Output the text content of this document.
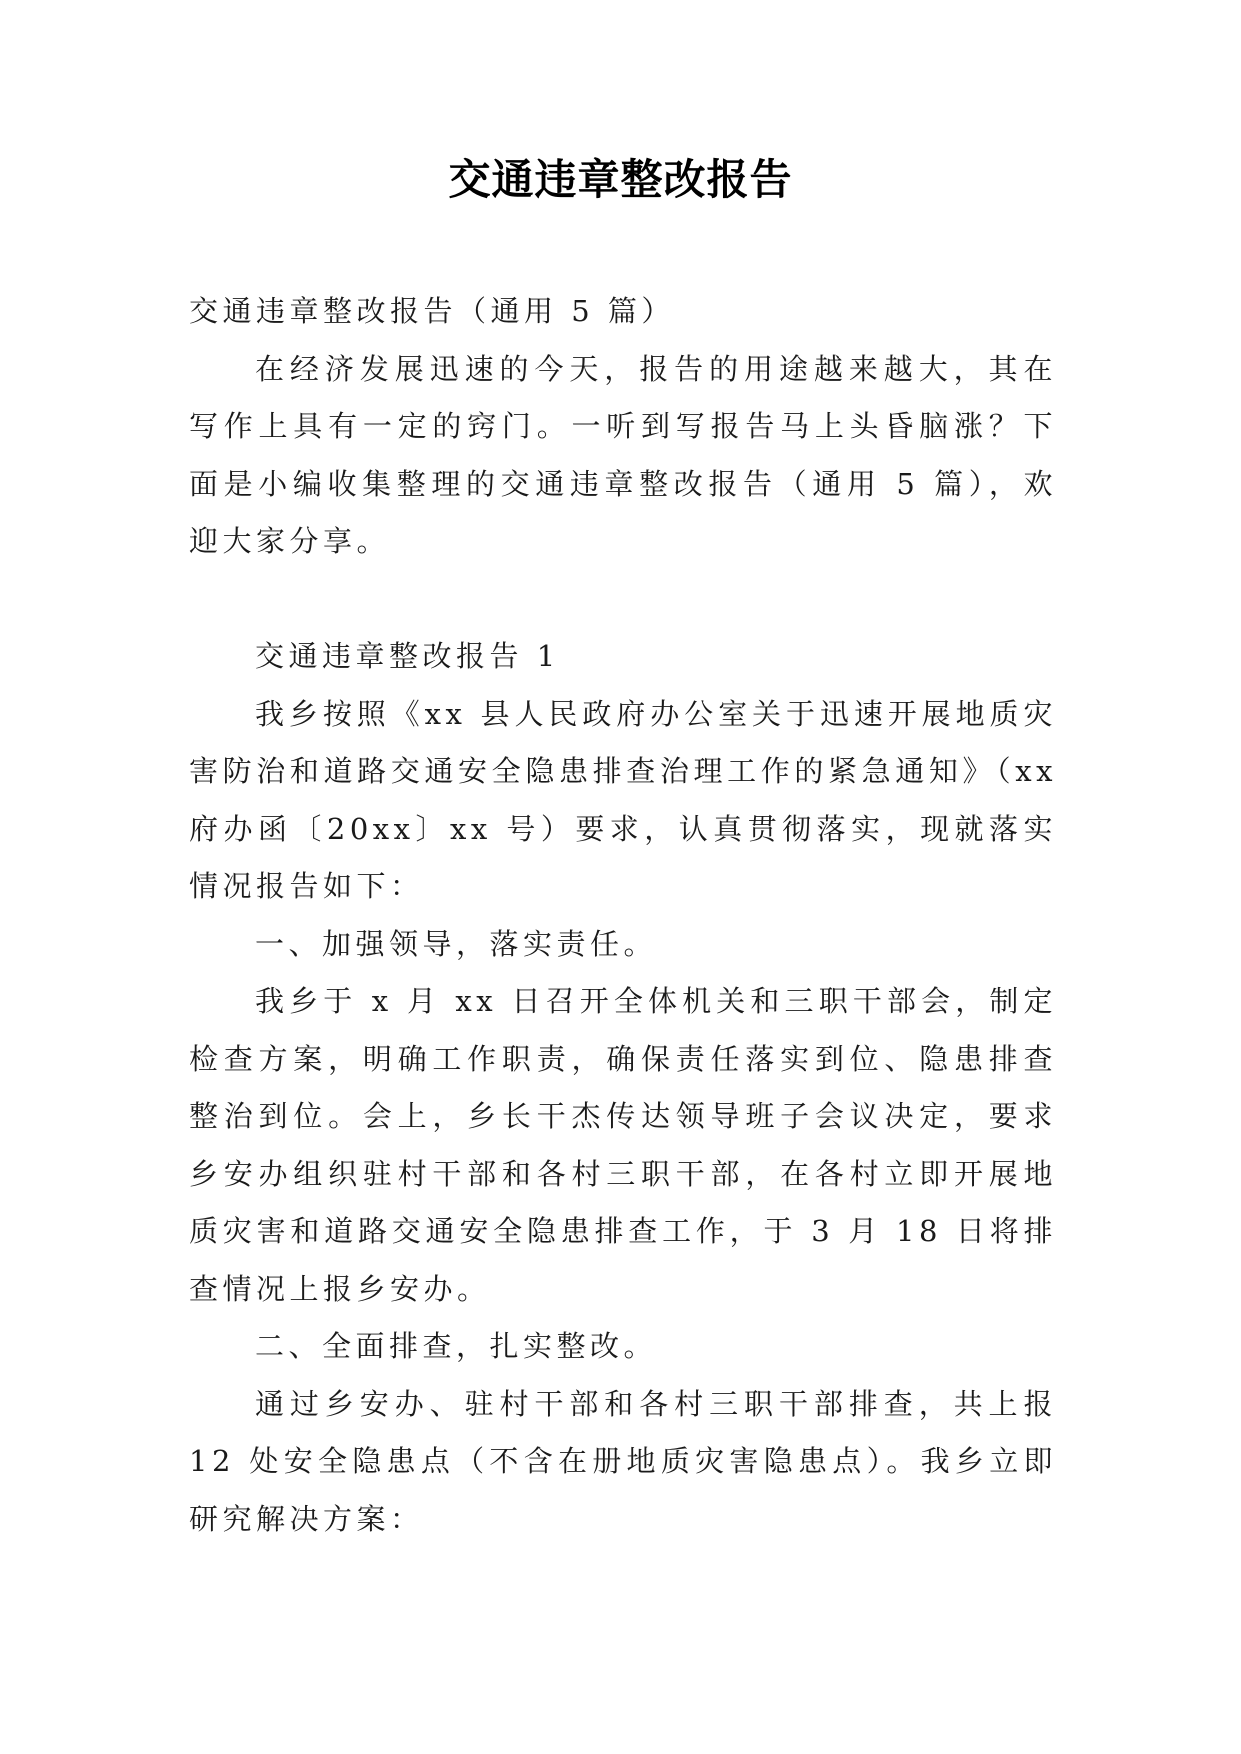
交通违章整改报告

交通违章整改报告（通用 5 篇）

在经济发展迅速的今天，报告的用途越来越大，其在写作上具有一定的窍门。一听到写报告马上头昏脑涨？下面是小编收集整理的交通违章整改报告（通用 5 篇），欢迎大家分享。

交通违章整改报告 1

我乡按照《xx 县人民政府办公室关于迅速开展地质灾害防治和道路交通安全隐患排查治理工作的紧急通知》（xx 府办函〔20xx〕xx 号）要求，认真贯彻落实，现就落实情况报告如下：

一、加强领导，落实责任。

我乡于 x 月 xx 日召开全体机关和三职干部会，制定检查方案，明确工作职责，确保责任落实到位、隐患排查整治到位。会上，乡长干杰传达领导班子会议决定，要求乡安办组织驻村干部和各村三职干部，在各村立即开展地质灾害和道路交通安全隐患排查工作，于 3 月 18 日将排查情况上报乡安办。

二、全面排查，扎实整改。

通过乡安办、驻村干部和各村三职干部排查，共上报 12 处安全隐患点（不含在册地质灾害隐患点）。我乡立即研究解决方案：
